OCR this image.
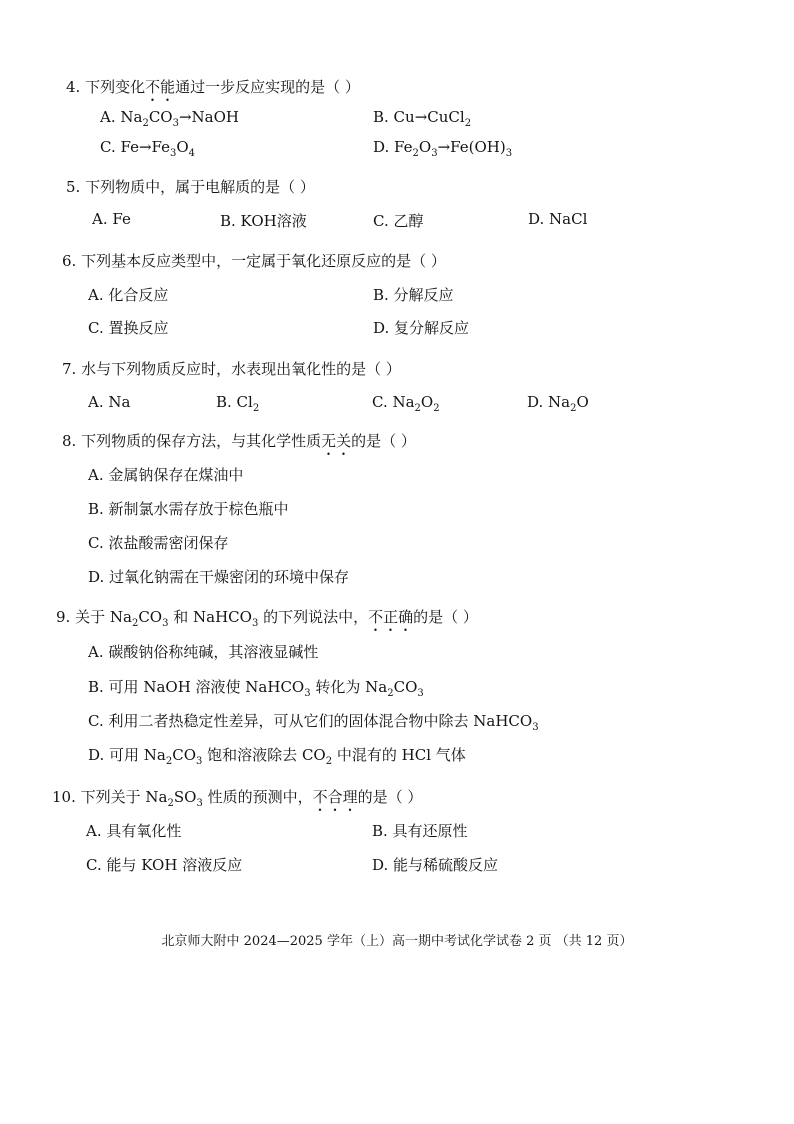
4. 下列变化不能通过一步反应实现的是（ ）
A. $Na_2CO_3\to NaOH$	B. Cu→CuCl$_2$
C. $Fe\to Fe_3O_4$	D. $Fe_2O_3\to Fe(OH)_3$
5. 下列物质中，属于电解质的是（ ）
A. Fe	B. KOH溶液	C. 乙醇	D. NaCl
6. 下列基本反应类型中，一定属于氧化还原反应的是（ ）
A. 化合反应	B. 分解反应
C. 置换反应	D. 复分解反应
7. 水与下列物质反应时，水表现出氧化性的是（ ）
A. Na	B. $Cl_2$	C. $Na_2O_2$	D. $Na_2O$
8. 下列物质的保存方法，与其化学性质无关的是（ ）
A. 金属钠保存在煤油中
B. 新制氯水需存放于棕色瓶中
C. 浓盐酸需密闭保存
D. 过氧化钠需在干燥密闭的环境中保存
9. 关于 $Na_2CO_3$ 和 NaHCO$_3$ 的下列说法中，不正确的是（ ）
A. 碳酸钠俗称纯碱，其溶液显碱性
B. 可用 NaOH 溶液使 NaHCO$_3$ 转化为 $Na_2CO_3$
C. 利用二者热稳定性差异，可从它们的固体混合物中除去 NaHCO$_3$
D. 可用 $Na_2CO_3$ 饱和溶液除去 $CO_2$ 中混有的 HCl 气体
10. 下列关于 $Na_2SO_3$ 性质的预测中，不合理的是（ ）
A. 具有氧化性	B. 具有还原性
C. 能与 KOH 溶液反应	D. 能与稀硫酸反应
北京师大附中 2024—2025 学年（上）高一期中考试化学试卷 2 页 （共 12 页）
